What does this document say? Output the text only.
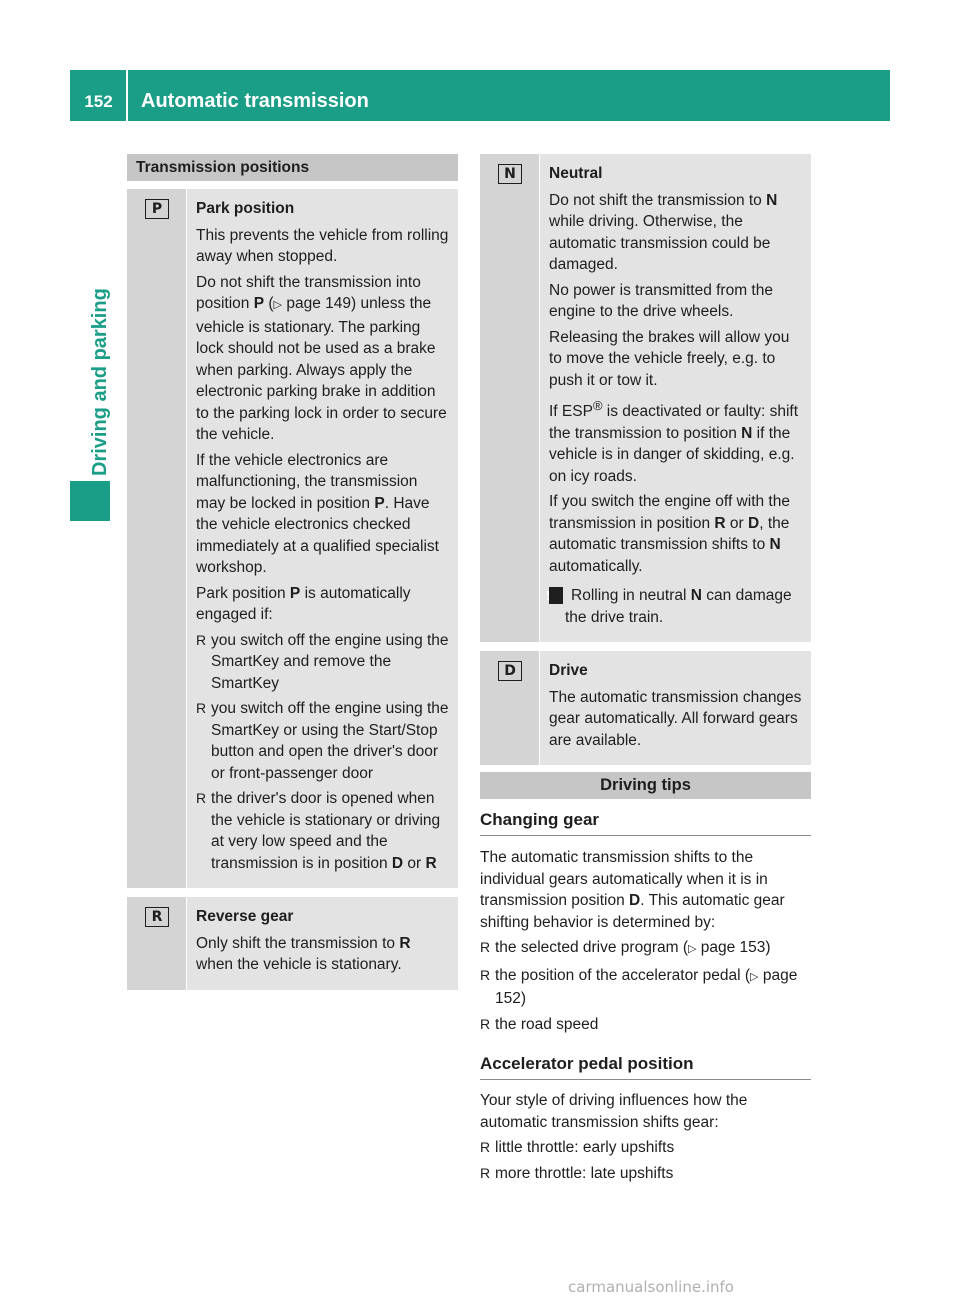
152	Automatic transmission
Driving and parking
Transmission positions
P	Park position

This prevents the vehicle from rolling away when stopped.

Do not shift the transmission into position P (▷ page 149) unless the vehicle is stationary. The parking lock should not be used as a brake when parking. Always apply the electronic parking brake in addition to the parking lock in order to secure the vehicle.

If the vehicle electronics are malfunctioning, the transmission may be locked in position P. Have the vehicle electronics checked immediately at a qualified specialist workshop.

Park position P is automatically engaged if:

R you switch off the engine using the SmartKey and remove the SmartKey

R you switch off the engine using the SmartKey or using the Start/Stop button and open the driver's door or front-passenger door

R the driver's door is opened when the vehicle is stationary or driving at very low speed and the transmission is in position D or R

R	Reverse gear

Only shift the transmission to R when the vehicle is stationary.

N	Neutral

Do not shift the transmission to N while driving. Otherwise, the automatic transmission could be damaged.

No power is transmitted from the engine to the drive wheels.

Releasing the brakes will allow you to move the vehicle freely, e.g. to push it or tow it.

If ESP® is deactivated or faulty: shift the transmission to position N if the vehicle is in danger of skidding, e.g. on icy roads.

If you switch the engine off with the transmission in position R or D, the automatic transmission shifts to N automatically.

! Rolling in neutral N can damage the drive train.

D	Drive

The automatic transmission changes gear automatically. All forward gears are available.

Driving tips
Changing gear

The automatic transmission shifts to the individual gears automatically when it is in transmission position D. This automatic gear shifting behavior is determined by:

R the selected drive program (▷ page 153)

R the position of the accelerator pedal (▷ page 152)

R the road speed

Accelerator pedal position

Your style of driving influences how the automatic transmission shifts gear:

R little throttle: early upshifts

R more throttle: late upshifts

carmanualsonline.info
